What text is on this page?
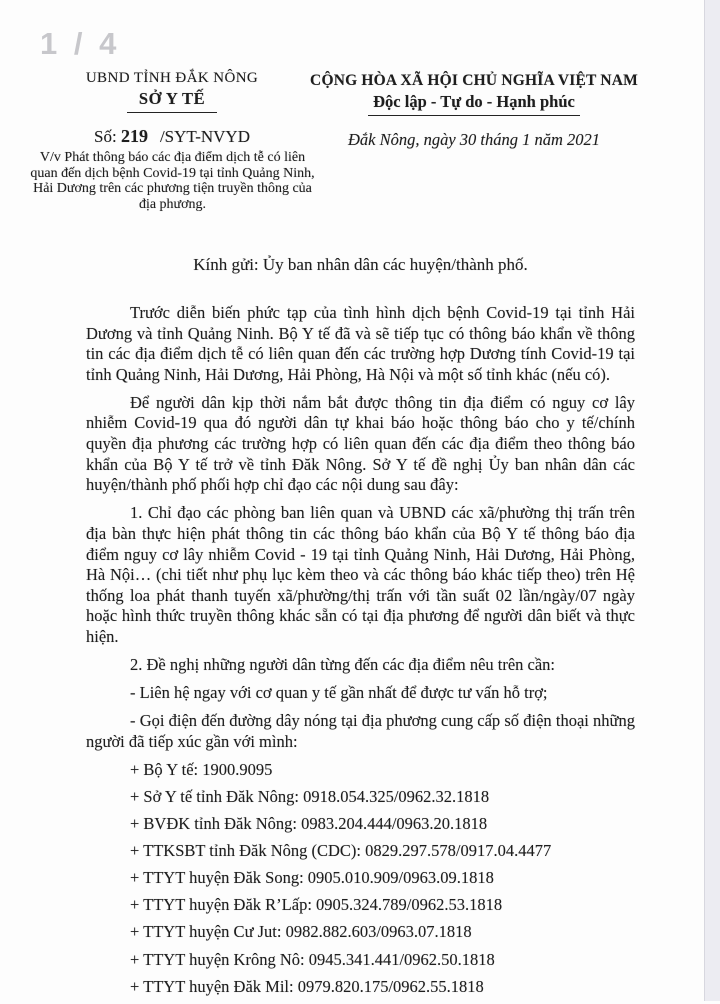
1 / 4
UBND TỈNH ĐẮK NÔNG
SỞ Y TẾ
CỘNG HÒA XÃ HỘI CHỦ NGHĨA VIỆT NAM
Độc lập - Tự do - Hạnh phúc
Số: 219 /SYT-NVYD
V/v Phát thông báo các địa điểm dịch tễ có liên quan đến dịch bệnh Covid-19 tại tỉnh Quảng Ninh, Hải Dương trên các phương tiện truyền thông của địa phương.
Đắk Nông, ngày 30 tháng 1 năm 2021
Kính gửi: Ủy ban nhân dân các huyện/thành phố.

Trước diễn biến phức tạp của tình hình dịch bệnh Covid-19 tại tỉnh Hải Dương và tỉnh Quảng Ninh. Bộ Y tế đã và sẽ tiếp tục có thông báo khẩn về thông tin các địa điểm dịch tễ có liên quan đến các trường hợp Dương tính Covid-19 tại tỉnh Quảng Ninh, Hải Dương, Hải Phòng, Hà Nội và một số tỉnh khác (nếu có).

Để người dân kịp thời nắm bắt được thông tin địa điểm có nguy cơ lây nhiễm Covid-19 qua đó người dân tự khai báo hoặc thông báo cho y tế/chính quyền địa phương các trường hợp có liên quan đến các địa điểm theo thông báo khẩn của Bộ Y tế trở về tỉnh Đăk Nông. Sở Y tế đề nghị Ủy ban nhân dân các huyện/thành phố phối hợp chỉ đạo các nội dung sau đây:

1. Chỉ đạo các phòng ban liên quan và UBND các xã/phường thị trấn trên địa bàn thực hiện phát thông tin các thông báo khẩn của Bộ Y tế thông báo địa điểm nguy cơ lây nhiễm Covid - 19 tại tỉnh Quảng Ninh, Hải Dương, Hải Phòng, Hà Nội… (chi tiết như phụ lục kèm theo và các thông báo khác tiếp theo) trên Hệ thống loa phát thanh tuyến xã/phường/thị trấn với tần suất 02 lần/ngày/07 ngày hoặc hình thức truyền thông khác sẵn có tại địa phương để người dân biết và thực hiện.

2. Đề nghị những người dân từng đến các địa điểm nêu trên cần:

- Liên hệ ngay với cơ quan y tế gần nhất để được tư vấn hỗ trợ;

- Gọi điện đến đường dây nóng tại địa phương cung cấp số điện thoại những người đã tiếp xúc gần với mình:

+ Bộ Y tế: 1900.9095
+ Sở Y tế tỉnh Đăk Nông: 0918.054.325/0962.32.1818
+ BVĐK tỉnh Đăk Nông: 0983.204.444/0963.20.1818
+ TTKSBT tỉnh Đăk Nông (CDC): 0829.297.578/0917.04.4477
+ TTYT huyện Đăk Song: 0905.010.909/0963.09.1818
+ TTYT huyện Đăk R’Lấp: 0905.324.789/0962.53.1818
+ TTYT huyện Cư Jut: 0982.882.603/0963.07.1818
+ TTYT huyện Krông Nô: 0945.341.441/0962.50.1818
+ TTYT huyện Đăk Mil: 0979.820.175/0962.55.1818
